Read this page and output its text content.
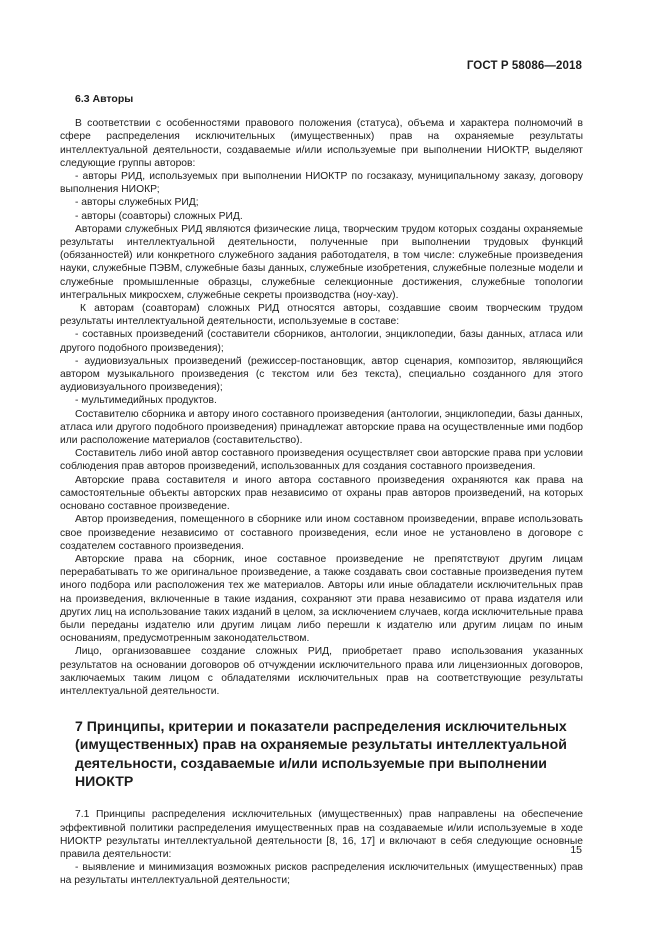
ГОСТ Р 58086—2018
6.3 Авторы

В соответствии с особенностями правового положения (статуса), объема и характера полномочий в сфере распределения исключительных (имущественных) прав на охраняемые результаты интеллектуальной деятельности, создаваемые и/или используемые при выполнении НИОКТР, выделяют следующие группы авторов:

- авторы РИД, используемых при выполнении НИОКТР по госзаказу, муниципальному заказу, договору выполнения НИОКР;

- авторы служебных РИД;

- авторы (соавторы) сложных РИД.

Авторами служебных РИД являются физические лица, творческим трудом которых созданы охраняемые результаты интеллектуальной деятельности, полученные при выполнении трудовых функций (обязанностей) или конкретного служебного задания работодателя, в том числе: служебные произведения науки, служебные ПЭВМ, служебные базы данных, служебные изобретения, служебные полезные модели и служебные промышленные образцы, служебные селекционные достижения, служебные топологии интегральных микросхем, служебные секреты производства (ноу-хау).

К авторам (соавторам) сложных РИД относятся авторы, создавшие своим творческим трудом результаты интеллектуальной деятельности, используемые в составе:

- составных произведений (составители сборников, антологии, энциклопедии, базы данных, атласа или другого подобного произведения);

- аудиовизуальных произведений (режиссер-постановщик, автор сценария, композитор, являющийся автором музыкального произведения (с текстом или без текста), специально созданного для этого аудиовизуального произведения);

- мультимедийных продуктов.

Составителю сборника и автору иного составного произведения (антологии, энциклопедии, базы данных, атласа или другого подобного произведения) принадлежат авторские права на осуществленные ими подбор или расположение материалов (составительство).

Составитель либо иной автор составного произведения осуществляет свои авторские права при условии соблюдения прав авторов произведений, использованных для создания составного произведения.

Авторские права составителя и иного автора составного произведения охраняются как права на самостоятельные объекты авторских прав независимо от охраны прав авторов произведений, на которых основано составное произведение.

Автор произведения, помещенного в сборнике или ином составном произведении, вправе использовать свое произведение независимо от составного произведения, если иное не установлено в договоре с создателем составного произведения.

Авторские права на сборник, иное составное произведение не препятствуют другим лицам перерабатывать то же оригинальное произведение, а также создавать свои составные произведения путем иного подбора или расположения тех же материалов. Авторы или иные обладатели исключительных прав на произведения, включенные в такие издания, сохраняют эти права независимо от права издателя или других лиц на использование таких изданий в целом, за исключением случаев, когда исключительные права были переданы издателю или другим лицам либо перешли к издателю или другим лицам по иным основаниям, предусмотренным законодательством.

Лицо, организовавшее создание сложных РИД, приобретает право использования указанных результатов на основании договоров об отчуждении исключительного права или лицензионных договоров, заключаемых таким лицом с обладателями исключительных прав на соответствующие результаты интеллектуальной деятельности.

7 Принципы, критерии и показатели распределения исключительных (имущественных) прав на охраняемые результаты интеллектуальной деятельности, создаваемые и/или используемые при выполнении НИОКТР

7.1 Принципы распределения исключительных (имущественных) прав направлены на обеспечение эффективной политики распределения имущественных прав на создаваемые и/или используемые в ходе НИОКТР результаты интеллектуальной деятельности [8, 16, 17] и включают в себя следующие основные правила деятельности:

- выявление и минимизация возможных рисков распределения исключительных (имущественных) прав на результаты интеллектуальной деятельности;

15
